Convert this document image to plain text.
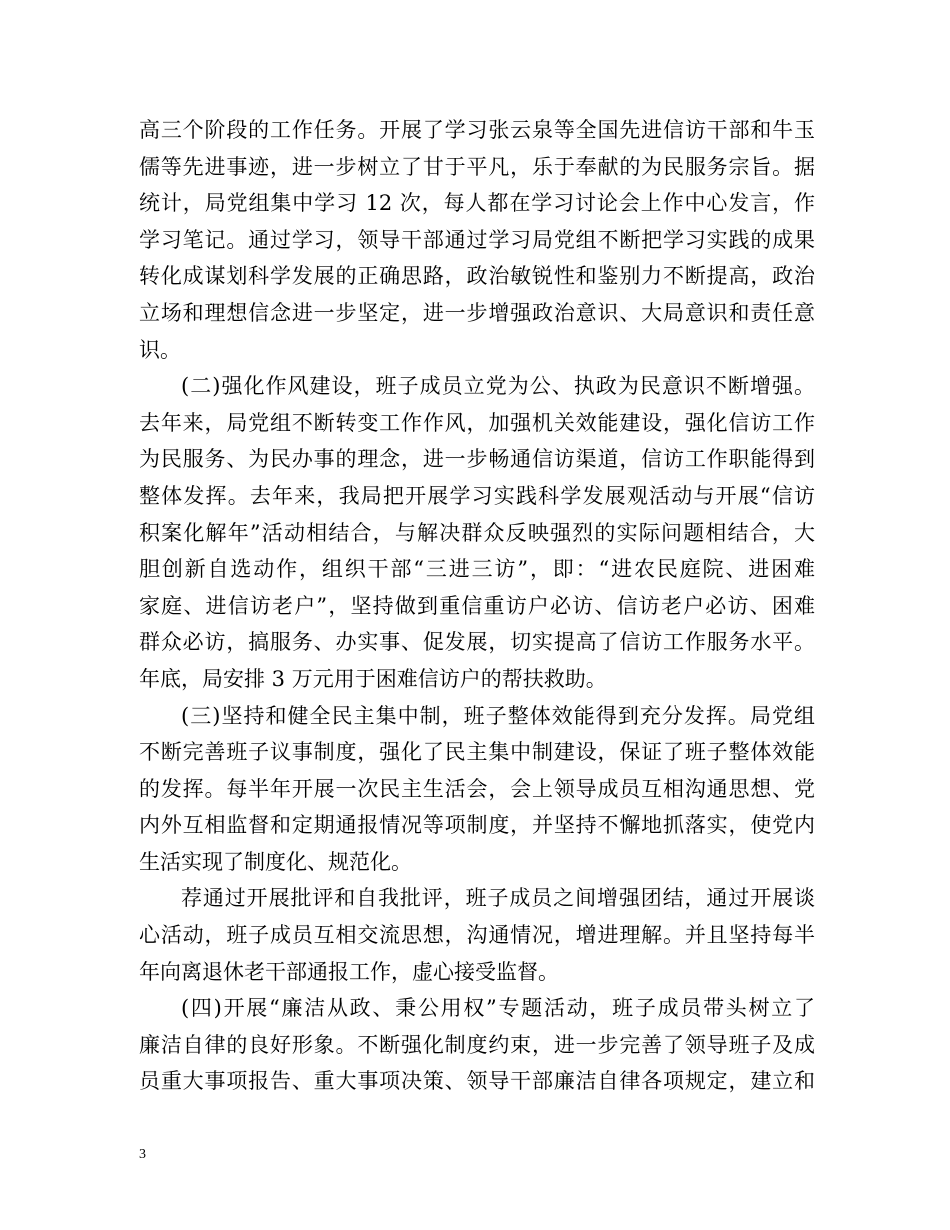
高三个阶段的工作任务。开展了学习张云泉等全国先进信访干部和牛玉
儒等先进事迹，进一步树立了甘于平凡，乐于奉献的为民服务宗旨。据
统计，局党组集中学习 12 次，每人都在学习讨论会上作中心发言，作
学习笔记。通过学习，领导干部通过学习局党组不断把学习实践的成果
转化成谋划科学发展的正确思路，政治敏锐性和鉴别力不断提高，政治
立场和理想信念进一步坚定，进一步增强政治意识、大局意识和责任意
识。
(二)强化作风建设，班子成员立党为公、执政为民意识不断增强。
去年来，局党组不断转变工作作风，加强机关效能建设，强化信访工作
为民服务、为民办事的理念，进一步畅通信访渠道，信访工作职能得到
整体发挥。去年来，我局把开展学习实践科学发展观活动与开展“信访
积案化解年”活动相结合，与解决群众反映强烈的实际问题相结合，大
胆创新自选动作，组织干部“三进三访”，即：“进农民庭院、进困难
家庭、进信访老户”，坚持做到重信重访户必访、信访老户必访、困难
群众必访，搞服务、办实事、促发展，切实提高了信访工作服务水平。
年底，局安排 3 万元用于困难信访户的帮扶救助。
(三)坚持和健全民主集中制，班子整体效能得到充分发挥。局党组
不断完善班子议事制度，强化了民主集中制建设，保证了班子整体效能
的发挥。每半年开展一次民主生活会，会上领导成员互相沟通思想、党
内外互相监督和定期通报情况等项制度，并坚持不懈地抓落实，使党内
生活实现了制度化、规范化。
荐通过开展批评和自我批评，班子成员之间增强团结，通过开展谈
心活动，班子成员互相交流思想，沟通情况，增进理解。并且坚持每半
年向离退休老干部通报工作，虚心接受监督。
(四)开展“廉洁从政、秉公用权”专题活动，班子成员带头树立了
廉洁自律的良好形象。不断强化制度约束，进一步完善了领导班子及成
员重大事项报告、重大事项决策、领导干部廉洁自律各项规定，建立和
3
